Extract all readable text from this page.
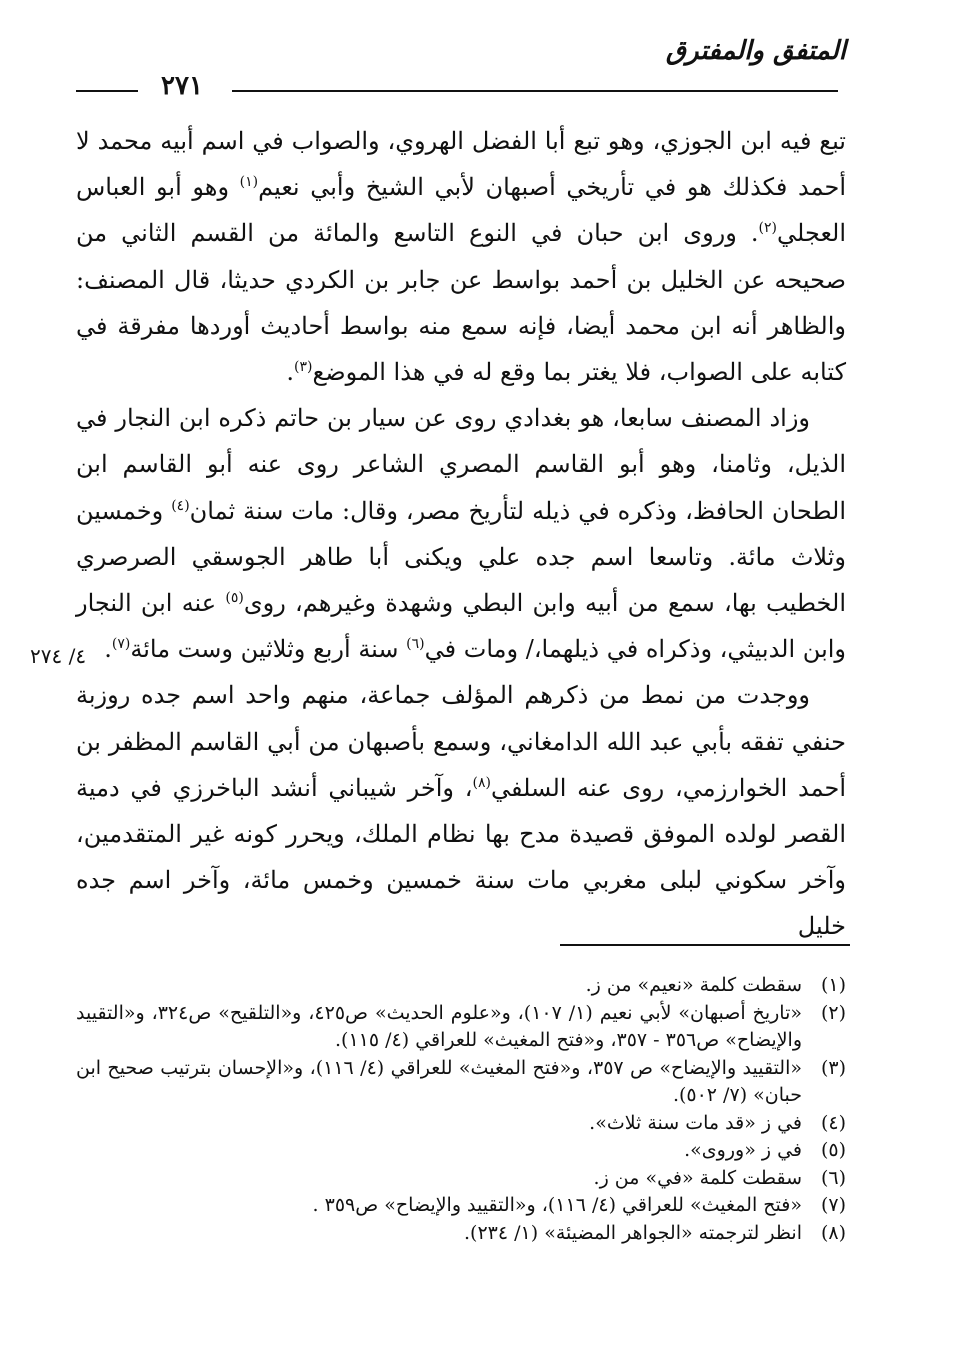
المتفق والمفترق
٢٧١
٤/ ٢٧٤

تبع فيه ابن الجوزي، وهو تبع أبا الفضل الهروي، والصواب في اسم أبيه محمد لا أحمد فكذلك هو في تأريخي أصبهان لأبي الشيخ وأبي نعيم$^{(١)}$ وهو أبو العباس العجلي$^{(٢)}$. وروى ابن حبان في النوع التاسع والمائة من القسم الثاني من صحيحه عن الخليل بن أحمد بواسط عن جابر بن الكردي حديثا، قال المصنف: والظاهر أنه ابن محمد أيضا، فإنه سمع منه بواسط أحاديث أوردها مفرقة في كتابه على الصواب، فلا يغتر بما وقع له في هذا الموضع$^{(٣)}$.

وزاد المصنف سابعا، هو بغدادي روى عن سيار بن حاتم ذكره ابن النجار في الذيل، وثامنا، وهو أبو القاسم المصري الشاعر روى عنه أبو القاسم ابن الطحان الحافظ، وذكره في ذيله لتأريخ مصر، وقال: مات سنة ثمان$^{(٤)}$ وخمسين وثلاث مائة. وتاسعا اسم جده علي ويكنى أبا طاهر الجوسقي الصرصري الخطيب بها، سمع من أبيه وابن البطي وشهدة وغيرهم، روى$^{(٥)}$ عنه ابن النجار وابن الدبيثي، وذكراه في ذيلهما،/ ومات في$^{(٦)}$ سنة أربع وثلاثين وست مائة$^{(٧)}$.

ووجدت من نمط من ذكرهم المؤلف جماعة، منهم واحد اسم جده روزبة حنفي تفقه بأبي عبد الله الدامغاني، وسمع بأصبهان من أبي القاسم المظفر بن أحمد الخوارزمي، روى عنه السلفي$^{(٨)}$، وآخر شيباني أنشد الباخرزي في دمية القصر لولده الموفق قصيدة مدح بها نظام الملك، ويحرر كونه غير المتقدمين، وآخر سكوني لبلى مغربي مات سنة خمسين وخمس مائة، وآخر اسم جده خليل

(١)
سقطت كلمة «نعيم» من ز.

(٢)
«تاريخ أصبهان» لأبي نعيم (١/ ١٠٧)، و«علوم الحديث» ص٤٢٥، و«التلقيح» ص٣٢٤، و«التقييد والإيضاح» ص٣٥٦ - ٣٥٧، و«فتح المغيث» للعراقي (٤/ ١١٥).

(٣)
«التقييد والإيضاح» ص ٣٥٧، و«فتح المغيث» للعراقي (٤/ ١١٦)، و«الإحسان بترتيب صحيح ابن حبان» (٧/ ٥٠٢).

(٤)
في ز «قد مات سنة ثلاث».

(٥)
في ز «وروى».

(٦)
سقطت كلمة «في» من ز.

(٧)
«فتح المغيث» للعراقي (٤/ ١١٦)، و«التقييد والإيضاح» ص٣٥٩ .

(٨)
انظر لترجمته «الجواهر المضيئة» (١/ ٢٣٤).
